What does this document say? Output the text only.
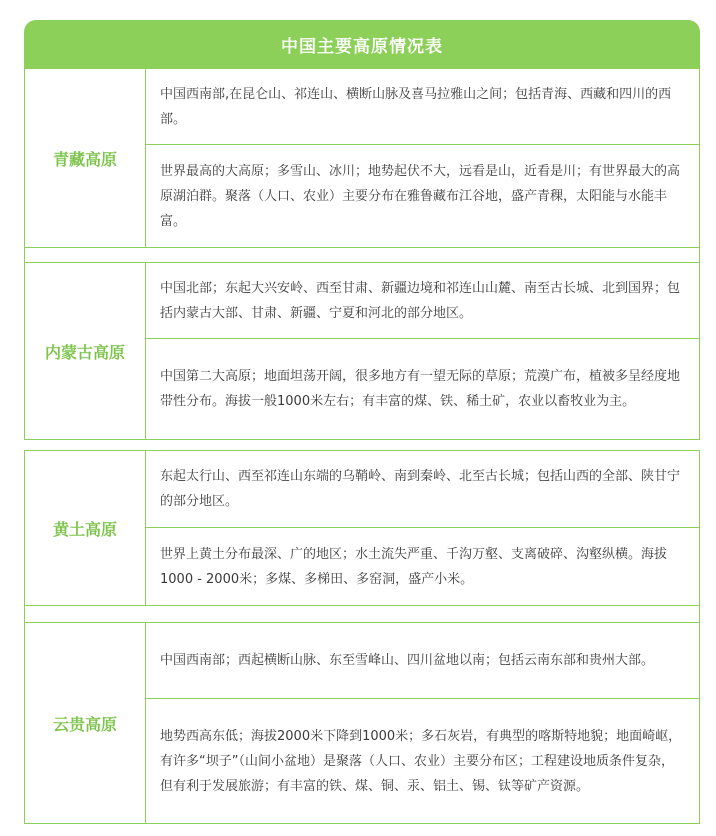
中国主要高原情况表
青藏高原
中国西南部,在昆仑山、祁连山、横断山脉及喜马拉雅山之间；包括青海、西藏和四川的西部。
世界最高的大高原；多雪山、冰川；地势起伏不大，远看是山，近看是川；有世界最大的高原湖泊群。聚落（人口、农业）主要分布在雅鲁藏布江谷地，盛产青稞，太阳能与水能丰富。
内蒙古高原
中国北部；东起大兴安岭、西至甘肃、新疆边境和祁连山山麓、南至古长城、北到国界；包括内蒙古大部、甘肃、新疆、宁夏和河北的部分地区。
中国第二大高原；地面坦荡开阔，很多地方有一望无际的草原；荒漠广布，植被多呈经度地带性分布。海拔一般1000米左右；有丰富的煤、铁、稀土矿，农业以畜牧业为主。
黄土高原
东起太行山、西至祁连山东端的乌鞘岭、南到秦岭、北至古长城；包括山西的全部、陕甘宁的部分地区。
世界上黄土分布最深、广的地区；水土流失严重、千沟万壑、支离破碎、沟壑纵横。海拔1000 - 2000米；多煤、多梯田、多窑洞，盛产小米。
云贵高原
中国西南部；西起横断山脉、东至雪峰山、四川盆地以南；包括云南东部和贵州大部。
地势西高东低；海拔2000米下降到1000米；多石灰岩，有典型的喀斯特地貌；地面崎岖，有许多“坝子”（山间小盆地）是聚落（人口、农业）主要分布区；工程建设地质条件复杂，但有利于发展旅游；有丰富的铁、煤、铜、汞、铝土、锡、钛等矿产资源。
